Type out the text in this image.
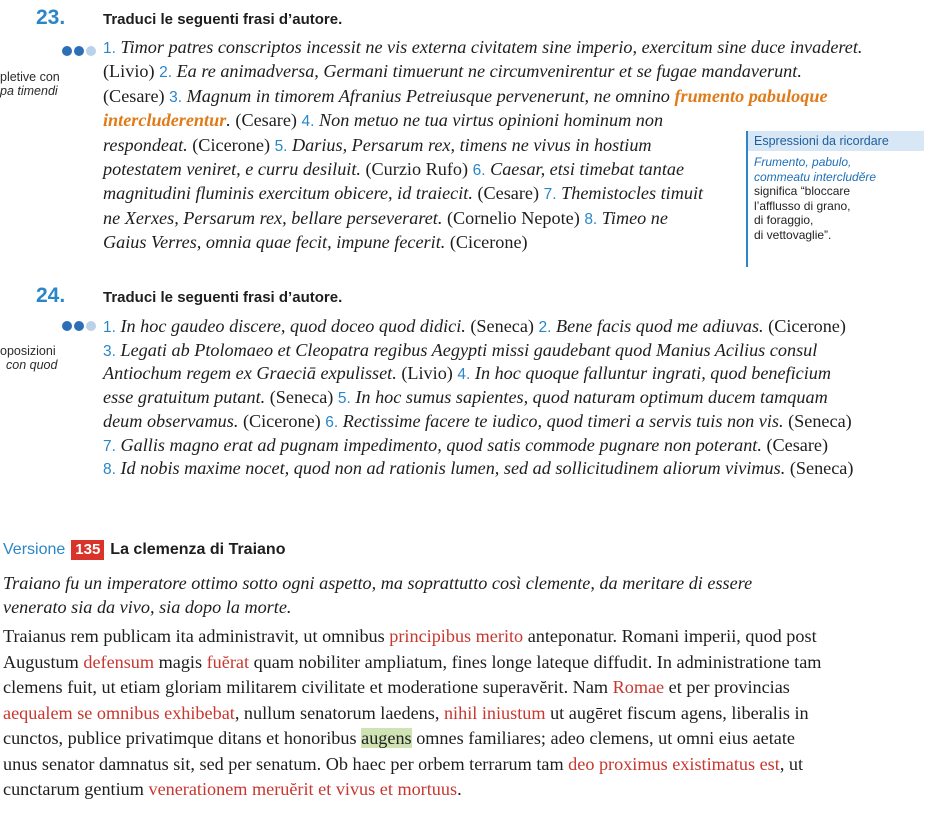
23.	Traduci le seguenti frasi d’autore.
pletive con
pa timendi
1. Timor patres conscriptos incessit ne vis externa civitatem sine imperio, exercitum sine duce invaderet.
(Livio) 2. Ea re animadversa, Germani timuerunt ne circumvenirentur et se fugae mandaverunt.
(Cesare) 3. Magnum in timorem Afranius Petreiusque pervenerunt, ne omnino frumento pabuloque
intercluderentur. (Cesare) 4. Non metuo ne tua virtus opinioni hominum non
respondeat. (Cicerone) 5. Darius, Persarum rex, timens ne vivus in hostium
potestatem veniret, e curru desiluit. (Curzio Rufo) 6. Caesar, etsi timebat tantae
magnitudini fluminis exercitum obicere, id traiecit. (Cesare) 7. Themistocles timuit
ne Xerxes, Persarum rex, bellare perseveraret. (Cornelio Nepote) 8. Timeo ne
Gaius Verres, omnia quae fecit, impune fecerit. (Cicerone)
Espressioni da ricordare
Frumento, pabulo,
commeatu intercludĕre
significa “bloccare
l’afflusso di grano,
di foraggio,
di vettovaglie”.
24.	Traduci le seguenti frasi d’autore.
oposizioni
con quod
1. In hoc gaudeo discere, quod doceo quod didici. (Seneca) 2. Bene facis quod me adiuvas. (Cicerone)
3. Legati ab Ptolomaeo et Cleopatra regibus Aegypti missi gaudebant quod Manius Acilius consul
Antiochum regem ex Graeciā expulisset. (Livio) 4. In hoc quoque falluntur ingrati, quod beneficium
esse gratuitum putant. (Seneca) 5. In hoc sumus sapientes, quod naturam optimum ducem tamquam
deum observamus. (Cicerone) 6. Rectissime facere te iudico, quod timeri a servis tuis non vis. (Seneca)
7. Gallis magno erat ad pugnam impedimento, quod satis commode pugnare non poterant. (Cesare)
8. Id nobis maxime nocet, quod non ad rationis lumen, sed ad sollicitudinem aliorum vivimus. (Seneca)
Versione 135 La clemenza di Traiano
Traiano fu un imperatore ottimo sotto ogni aspetto, ma soprattutto così clemente, da meritare di essere
venerato sia da vivo, sia dopo la morte.
Traianus rem publicam ita administravit, ut omnibus principibus merito anteponatur. Romani imperii, quod post
Augustum defensum magis fuĕrat quam nobiliter ampliatum, fines longe lateque diffudit. In administratione tam
clemens fuit, ut etiam gloriam militarem civilitate et moderatione superavĕrit. Nam Romae et per provincias
aequalem se omnibus exhibebat, nullum senatorum laedens, nihil iniustum ut augēret fiscum agens, liberalis in
cunctos, publice privatimque ditans et honoribus augens omnes familiares; adeo clemens, ut omni eius aetate
unus senator damnatus sit, sed per senatum. Ob haec per orbem terrarum tam deo proximus existimatus est, ut
cunctarum gentium venerationem meruĕrit et vivus et mortuus.
